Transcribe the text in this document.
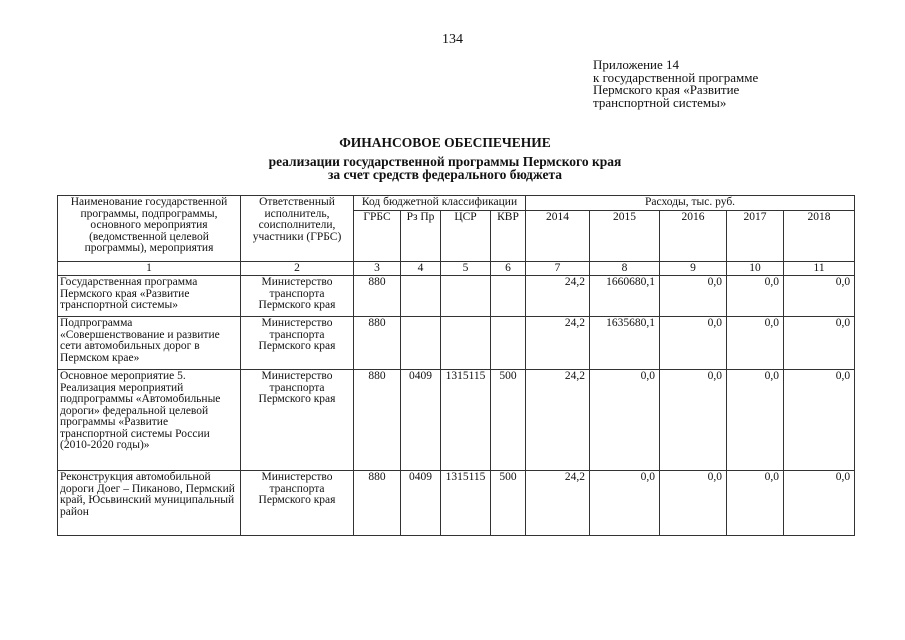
134
Приложение 14
к государственной программе
Пермского края «Развитие
транспортной системы»
ФИНАНСОВОЕ ОБЕСПЕЧЕНИЕ
реализации государственной программы Пермского края
за счет средств федерального бюджета
Наименование государственной программы, подпрограммы, основного мероприятия (ведомственной целевой программы), мероприятия	Ответственный исполнитель, соисполнители, участники (ГРБС)	Код бюджетной классификации				Расходы, тыс. руб.				
		ГРБС	Рз Пр	ЦСР	КВР	2014	2015	2016	2017	2018
1	2	3	4	5	6	7	8	9	10	11
Государственная программа Пермского края «Развитие транспортной системы»	Министерство транспорта Пермского края	880				24,2	1660680,1	0,0	0,0	0,0
Подпрограмма «Совершенствование и развитие сети автомобильных дорог в Пермском крае»	Министерство транспорта Пермского края	880				24,2	1635680,1	0,0	0,0	0,0
Основное мероприятие 5. Реализация мероприятий подпрограммы «Автомобильные дороги» федеральной целевой программы «Развитие транспортной системы России (2010-2020 годы)»	Министерство транспорта Пермского края	880	0409	1315115	500	24,2	0,0	0,0	0,0	0,0
Реконструкция автомобильной дороги Доег – Пиканово, Пермский край, Юсьвинский муниципальный район	Министерство транспорта Пермского края	880	0409	1315115	500	24,2	0,0	0,0	0,0	0,0
